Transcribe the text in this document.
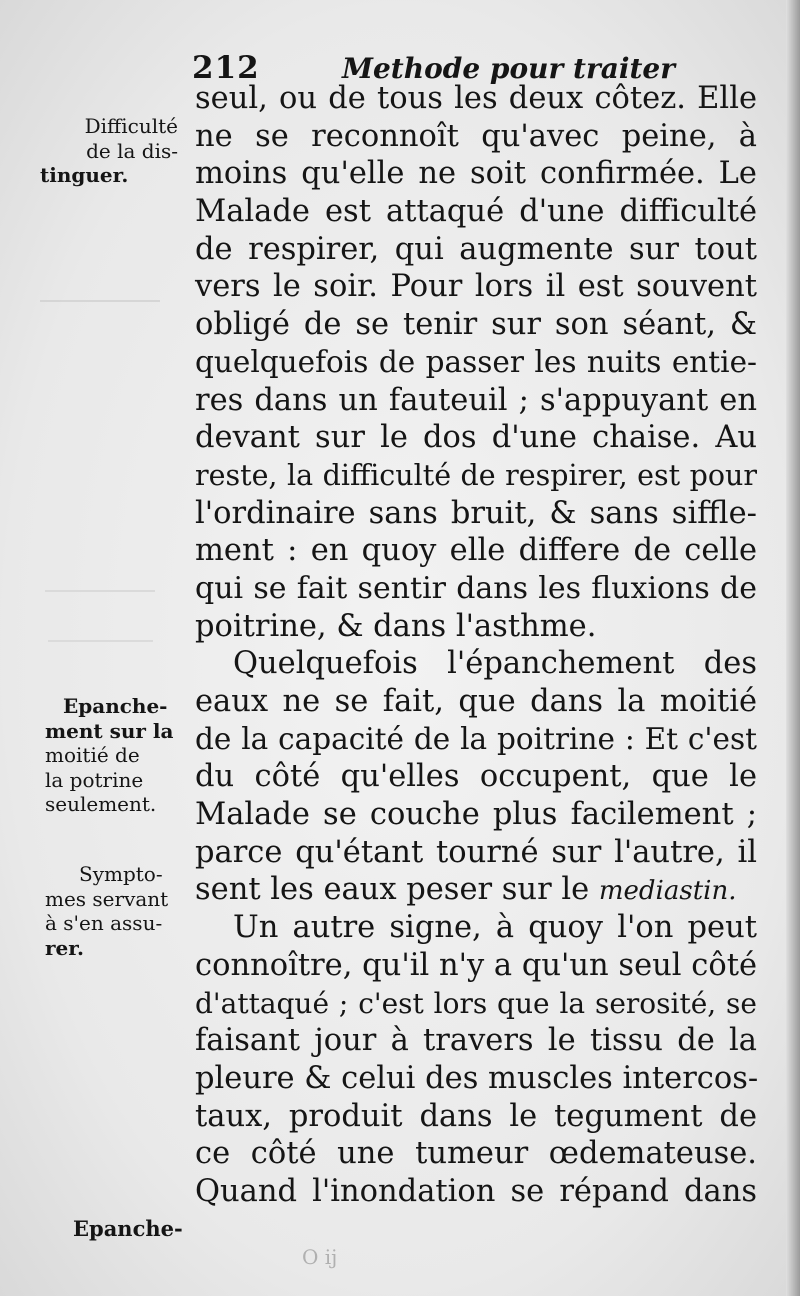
212	Methode pour traiter
Difficulté
de la dis-
tinguer.
Epanche-
ment sur la
moitié de
la potrine
seulement.
Sympto-
mes servant
à s'en assu-
rer.
seul, ou de tous les deux côtez. Elle
ne se reconnoît qu'avec peine, à
moins qu'elle ne soit confirmée. Le
Malade est attaqué d'une difficulté
de respirer, qui augmente sur tout
vers le soir. Pour lors il est souvent
obligé de se tenir sur son séant, &
quelquefois de passer les nuits entie-
res dans un fauteuil ; s'appuyant en
devant sur le dos d'une chaise. Au
reste, la difficulté de respirer, est pour
l'ordinaire sans bruit, & sans siffle-
ment : en quoy elle differe de celle
qui se fait sentir dans les fluxions de
poitrine, & dans l'asthme.
Quelquefois l'épanchement des
eaux ne se fait, que dans la moitié
de la capacité de la poitrine : Et c'est
du côté qu'elles occupent, que le
Malade se couche plus facilement ;
parce qu'étant tourné sur l'autre, il
sent les eaux peser sur le mediastin.
Un autre signe, à quoy l'on peut
connoître, qu'il n'y a qu'un seul côté
d'attaqué ; c'est lors que la serosité, se
faisant jour à travers le tissu de la
pleure & celui des muscles intercos-
taux, produit dans le tegument de
ce côté une tumeur œdemateuse.
Quand l'inondation se répand dans
Epanche-
O ij
